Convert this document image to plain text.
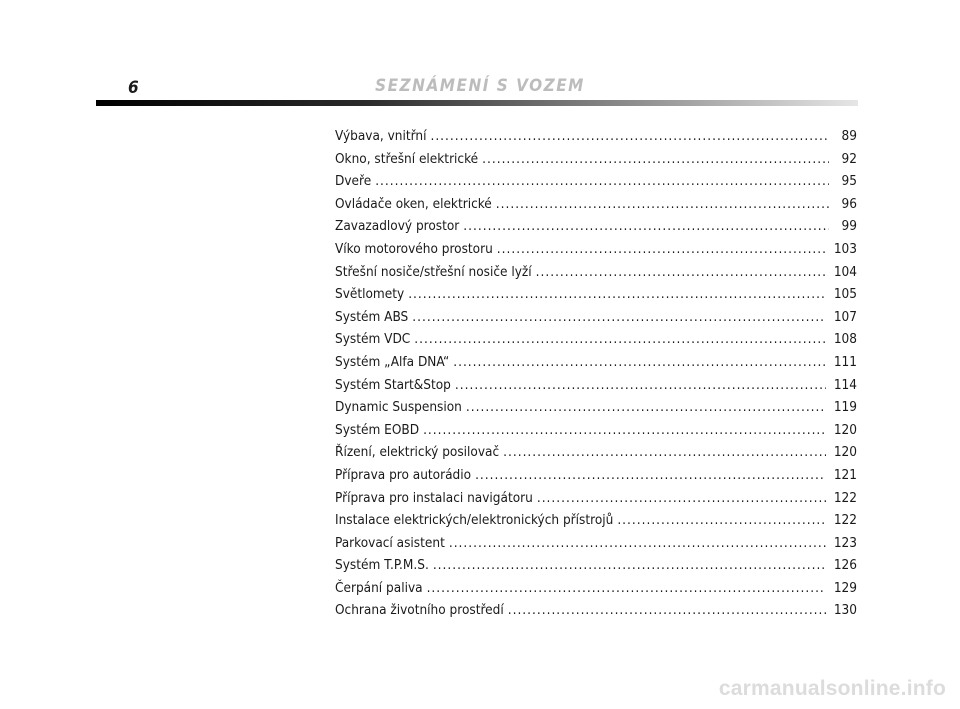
6	SEZNÁMENÍ S VOZEM
Výbava, vnitřní .....	89
Okno, střešní elektrické .....	92
Dveře .....	95
Ovládače oken, elektrické .....	96
Zavazadlový prostor .....	99
Víko motorového prostoru .....	103
Střešní nosiče/střešní nosiče lyží .....	104
Světlomety .....	105
Systém ABS .....	107
Systém VDC .....	108
Systém „Alfa DNA“ .....	111
Systém Start&Stop .....	114
Dynamic Suspension .....	119
Systém EOBD .....	120
Řízení, elektrický posilovač .....	120
Příprava pro autorádio .....	121
Příprava pro instalaci navigátoru .....	122
Instalace elektrických/elektronických přístrojů .....	122
Parkovací asistent .....	123
Systém T.P.M.S. .....	126
Čerpání paliva .....	129
Ochrana životního prostředí .....	130
carmanualsonline.info
